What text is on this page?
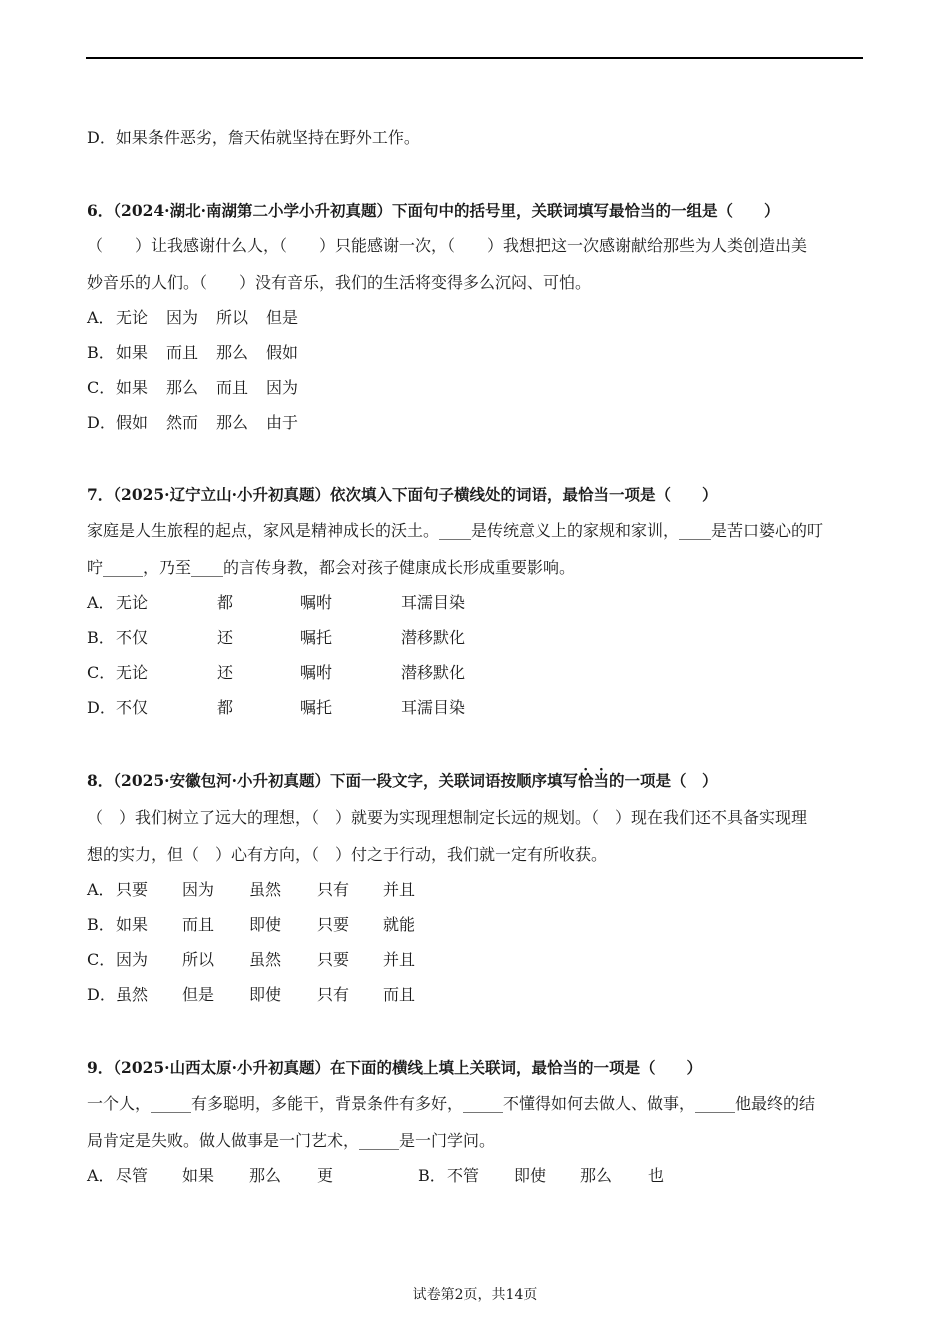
D．如果条件恶劣，詹天佑就坚持在野外工作。
6．（2024·湖北·南湖第二小学小升初真题）下面句中的括号里，关联词填写最恰当的一组是（　　）
（　　）让我感谢什么人，（　　）只能感谢一次，（　　）我想把这一次感谢献给那些为人类创造出美
妙音乐的人们。（　　）没有音乐，我们的生活将变得多么沉闷、可怕。
A． 无论 因为 所以 但是
B． 如果 而且 那么 假如
C． 如果 那么 而且 因为
D． 假如 然而 那么 由于
7．（2025·辽宁立山·小升初真题）依次填入下面句子横线处的词语，最恰当一项是（　　）
家庭是人生旅程的起点，家风是精神成长的沃土。____是传统意义上的家规和家训，____是苦口婆心的叮
咛_____，乃至____的言传身教，都会对孩子健康成长形成重要影响。
A． 无论	都	嘱咐	耳濡目染
B． 不仅	还	嘱托	潜移默化
C． 无论	还	嘱咐	潜移默化
D． 不仅	都	嘱托	耳濡目染
8．（2025·安徽包河·小升初真题）下面一段文字，关联词语按顺序填写恰当的一项是（　）
（　）我们树立了远大的理想，（　）就要为实现理想制定长远的规划。（　）现在我们还不具备实现理
想的实力，但（　）心有方向，（　）付之于行动，我们就一定有所收获。
A． 只要 因为 虽然 只有 并且
B． 如果 而且 即使 只要 就能
C． 因为 所以 虽然 只要 并且
D． 虽然 但是 即使 只有 而且
9．（2025·山西太原·小升初真题）在下面的横线上填上关联词，最恰当的一项是（　　）
一个人，_____有多聪明，多能干，背景条件有多好，_____不懂得如何去做人、做事，_____他最终的结
局肯定是失败。做人做事是一门艺术，_____是一门学问。
A． 尽管 如果 那么 更	B． 不管 即使 那么 也
试卷第2页，共14页
